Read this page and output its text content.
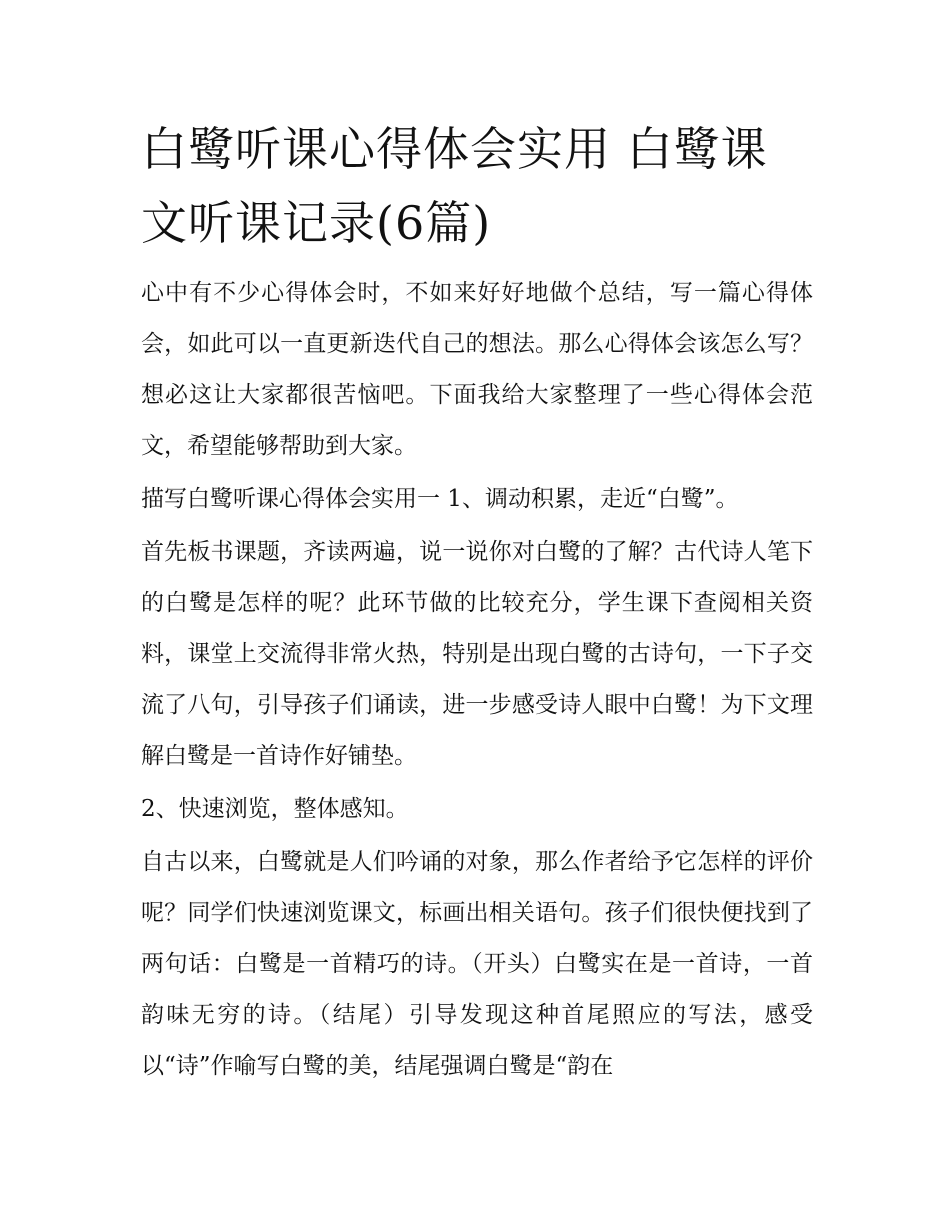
白鹭听课心得体会实用 白鹭课文听课记录(6篇)

心中有不少心得体会时，不如来好好地做个总结，写一篇心得体会，如此可以一直更新迭代自己的想法。那么心得体会该怎么写？想必这让大家都很苦恼吧。下面我给大家整理了一些心得体会范文，希望能够帮助到大家。

描写白鹭听课心得体会实用一 1、调动积累，走近“白鹭”。

首先板书课题，齐读两遍，说一说你对白鹭的了解？古代诗人笔下的白鹭是怎样的呢？此环节做的比较充分，学生课下查阅相关资料，课堂上交流得非常火热，特别是出现白鹭的古诗句，一下子交流了八句，引导孩子们诵读，进一步感受诗人眼中白鹭！为下文理解白鹭是一首诗作好铺垫。

2、快速浏览，整体感知。

自古以来，白鹭就是人们吟诵的对象，那么作者给予它怎样的评价呢？同学们快速浏览课文，标画出相关语句。孩子们很快便找到了两句话：白鹭是一首精巧的诗。（开头）白鹭实在是一首诗，一首韵味无穷的诗。（结尾）引导发现这种首尾照应的写法，感受以“诗”作喻写白鹭的美，结尾强调白鹭是“韵在
